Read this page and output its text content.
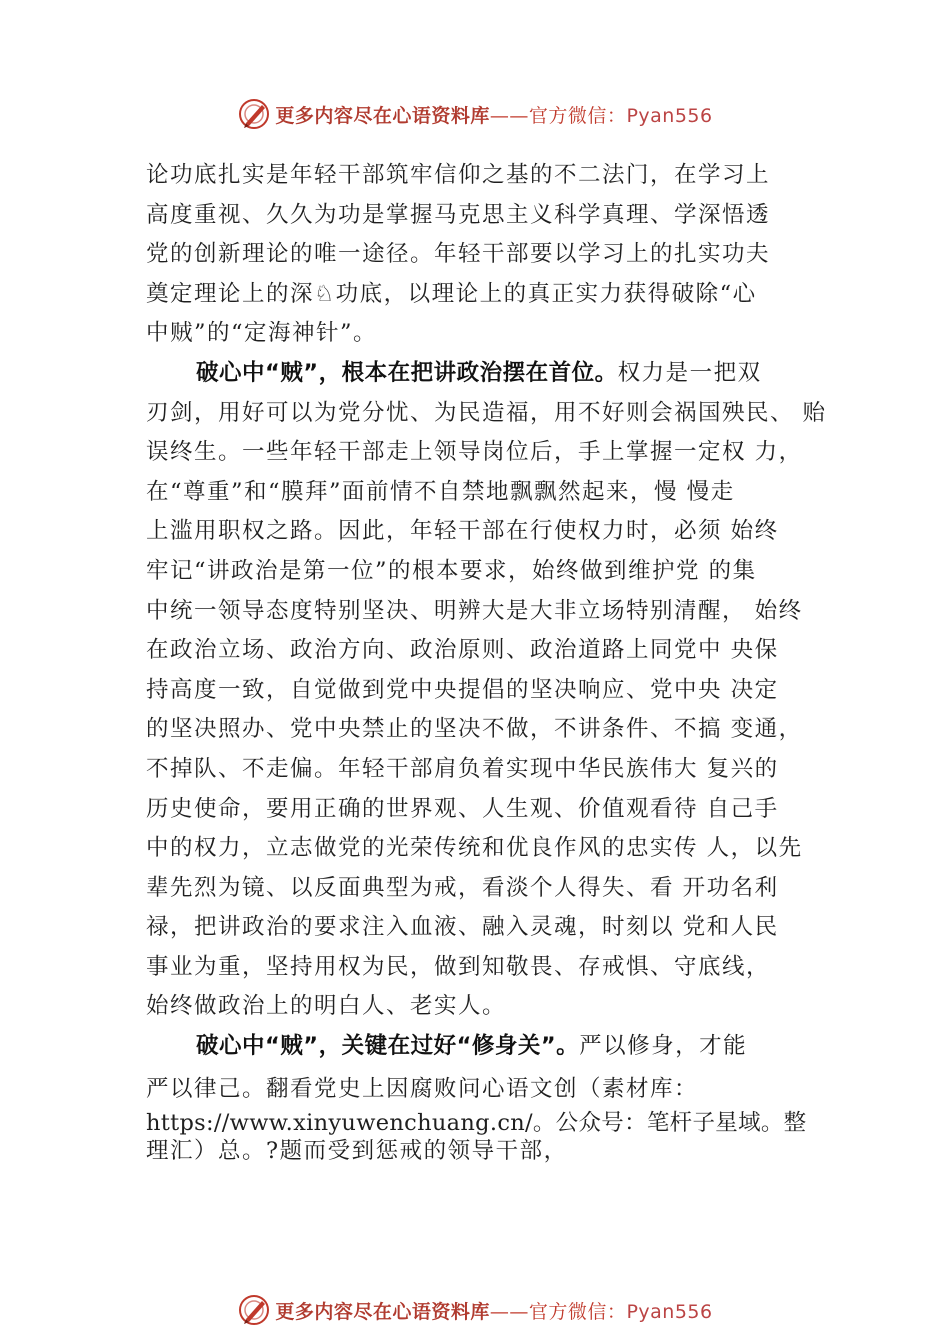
更多内容尽在心语资料库——官方微信：Pyan556
论功底扎实是年轻干部筑牢信仰之基的不二法门，在学习上
高度重视、久久为功是掌握马克思主义科学真理、学深悟透
党的创新理论的唯一途径。年轻干部要以学习上的扎实功夫
奠定理论上的深♘功底，以理论上的真正实力获得破除“心
中贼”的“定海神针”。
破心中“贼”，根本在把讲政治摆在首位。权力是一把双
刃剑，用好可以为党分忧、为民造福，用不好则会祸国殃民、 贻
误终生。一些年轻干部走上领导岗位后，手上掌握一定权 力，
在“尊重”和“膜拜”面前情不自禁地飘飘然起来，慢 慢走
上滥用职权之路。因此，年轻干部在行使权力时，必须 始终
牢记“讲政治是第一位”的根本要求，始终做到维护党 的集
中统一领导态度特别坚决、明辨大是大非立场特别清醒， 始终
在政治立场、政治方向、政治原则、政治道路上同党中 央保
持高度一致，自觉做到党中央提倡的坚决响应、党中央 决定
的坚决照办、党中央禁止的坚决不做，不讲条件、不搞 变通，
不掉队、不走偏。年轻干部肩负着实现中华民族伟大 复兴的
历史使命，要用正确的世界观、人生观、价值观看待 自己手
中的权力，立志做党的光荣传统和优良作风的忠实传 人，以先
辈先烈为镜、以反面典型为戒，看淡个人得失、看 开功名利
禄，把讲政治的要求注入血液、融入灵魂，时刻以 党和人民
事业为重，坚持用权为民，做到知敬畏、存戒惧、守底线，
始终做政治上的明白人、老实人。
破心中“贼”，关键在过好“修身关”。严以修身，才能
严以律己。翻看党史上因腐败问心语文创（素材库：
https://www.xinyuwenchuang.cn/。公众号：笔杆子星域。整
理汇）总。?题而受到惩戒的领导干部，
更多内容尽在心语资料库——官方微信：Pyan556
